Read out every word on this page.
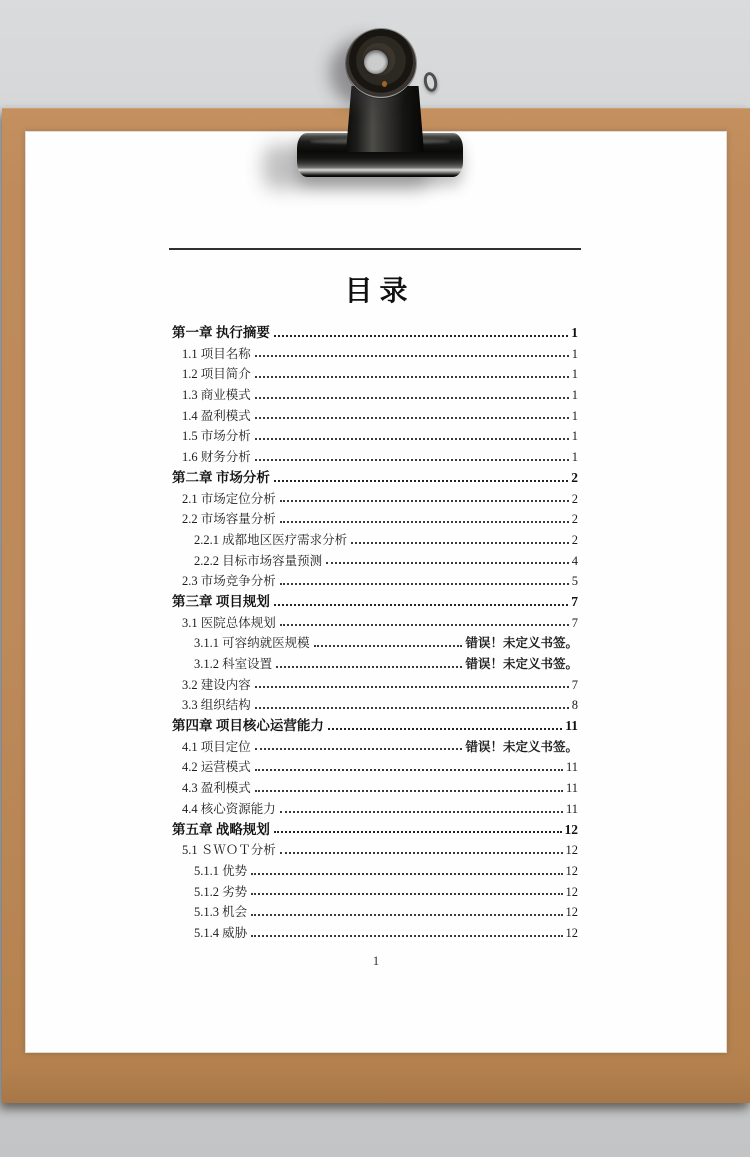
目录
第一章 执行摘要	1
1.1 项目名称	1
1.2 项目简介	1
1.3 商业模式	1
1.4 盈利模式	1
1.5 市场分析	1
1.6 财务分析	1
第二章 市场分析	2
2.1 市场定位分析	2
2.2 市场容量分析	2
2.2.1 成都地区医疗需求分析	2
2.2.2 目标市场容量预测	4
2.3 市场竞争分析	5
第三章 项目规划	7
3.1 医院总体规划	7
3.1.1 可容纳就医规模	错误！未定义书签。
3.1.2 科室设置	错误！未定义书签。
3.2 建设内容	7
3.3 组织结构	8
第四章 项目核心运营能力	11
4.1 项目定位	错误！未定义书签。
4.2 运营模式	11
4.3 盈利模式	11
4.4 核心资源能力	11
第五章 战略规划	12
5.1 ＳＷＯＴ分析	12
5.1.1 优势	12
5.1.2 劣势	12
5.1.3 机会	12
5.1.4 威胁	12
1
